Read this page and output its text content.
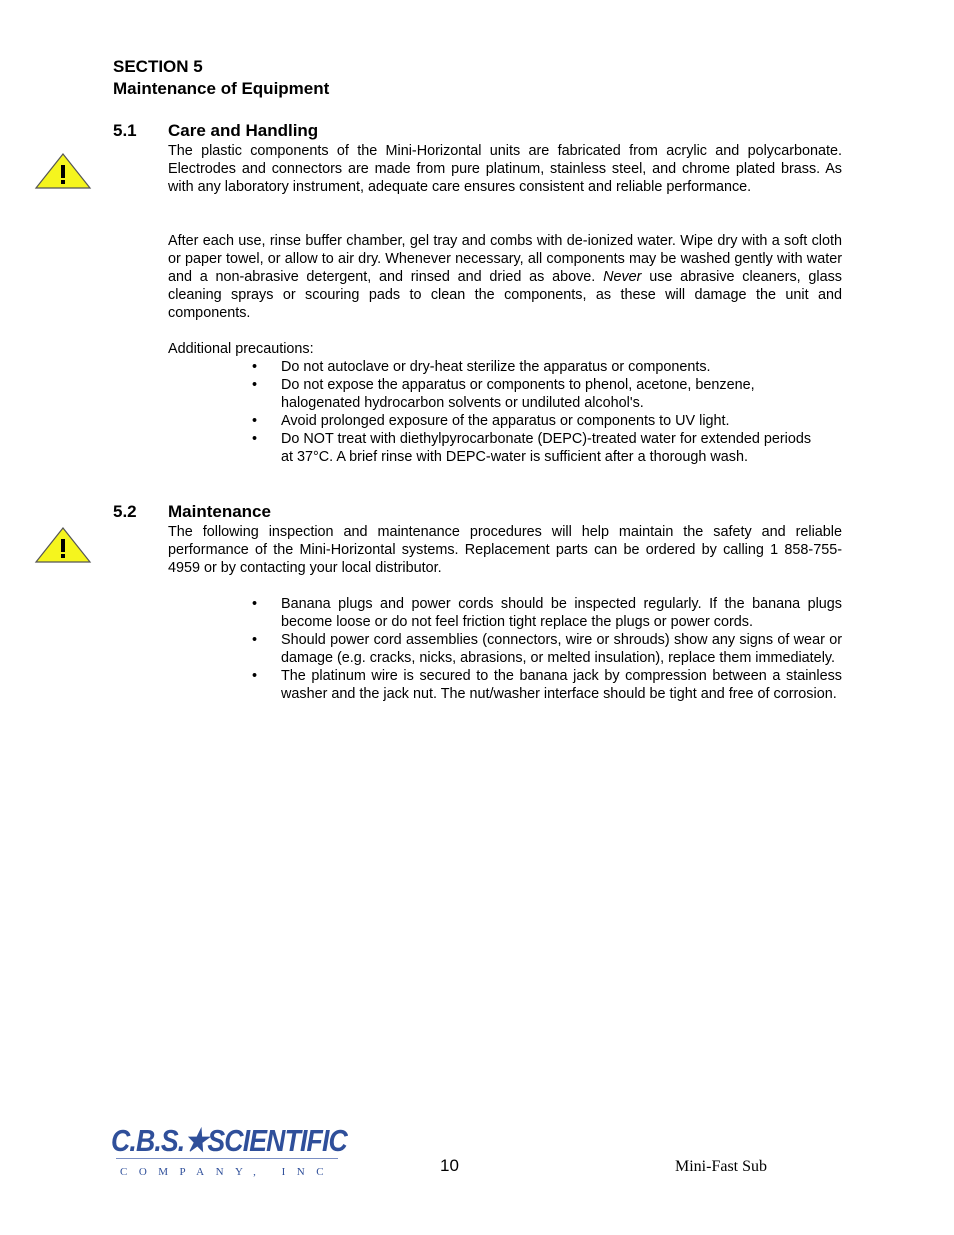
SECTION 5
Maintenance of Equipment
5.1 Care and Handling
The plastic components of the Mini-Horizontal units are fabricated from acrylic and polycarbonate. Electrodes and connectors are made from pure platinum, stainless steel, and chrome plated brass. As with any laboratory instrument, adequate care ensures consistent and reliable performance.
After each use, rinse buffer chamber, gel tray and combs with de-ionized water. Wipe dry with a soft cloth or paper towel, or allow to air dry. Whenever necessary, all components may be washed gently with water and a non-abrasive detergent, and rinsed and dried as above. Never use abrasive cleaners, glass cleaning sprays or scouring pads to clean the components, as these will damage the unit and components.
Additional precautions:
• Do not autoclave or dry-heat sterilize the apparatus or components.
• Do not expose the apparatus or components to phenol, acetone, benzene, halogenated hydrocarbon solvents or undiluted alcohol's.
• Avoid prolonged exposure of the apparatus or components to UV light.
• Do NOT treat with diethylpyrocarbonate (DEPC)-treated water for extended periods at 37°C. A brief rinse with DEPC-water is sufficient after a thorough wash.
5.2 Maintenance
The following inspection and maintenance procedures will help maintain the safety and reliable performance of the Mini-Horizontal systems. Replacement parts can be ordered by calling 1 858-755-4959 or by contacting your local distributor.
• Banana plugs and power cords should be inspected regularly. If the banana plugs become loose or do not feel friction tight replace the plugs or power cords.
• Should power cord assemblies (connectors, wire or shrouds) show any signs of wear or damage (e.g. cracks, nicks, abrasions, or melted insulation), replace them immediately.
• The platinum wire is secured to the banana jack by compression between a stainless washer and the jack nut. The nut/washer interface should be tight and free of corrosion.
C.B.S.★SCIENTIFIC
COMPANY, INC	10	Mini-Fast Sub
